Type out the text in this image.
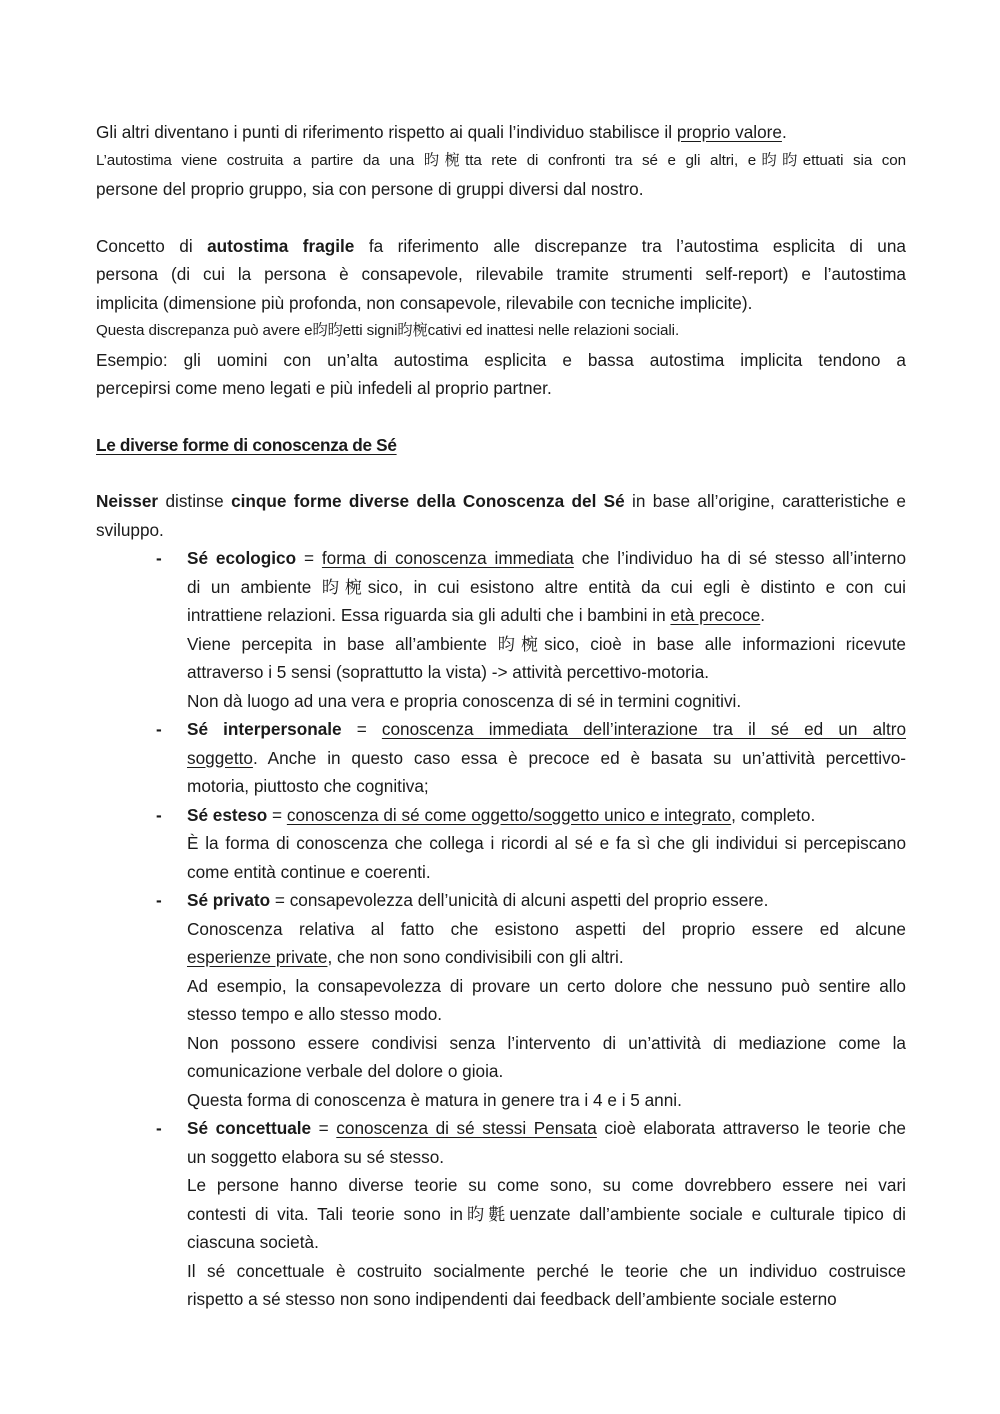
Gli altri diventano i punti di riferimento rispetto ai quali l’individuo stabilisce il proprio valore.
L’autostima viene costruita a partire da una 昀椀tta rete di confronti tra sé e gli altri, e昀昀ettuati sia con
persone del proprio gruppo, sia con persone di gruppi diversi dal nostro.
Concetto di autostima fragile fa riferimento alle discrepanze tra l’autostima esplicita di una
persona (di cui la persona è consapevole, rilevabile tramite strumenti self-report) e l’autostima
implicita (dimensione più profonda, non consapevole, rilevabile con tecniche implicite).
Questa discrepanza può avere e昀昀etti signi昀椀cativi ed inattesi nelle relazioni sociali.
Esempio: gli uomini con un’alta autostima esplicita e bassa autostima implicita tendono a
percepirsi come meno legati e più infedeli al proprio partner.
Le diverse forme di conoscenza de Sé
Neisser distinse cinque forme diverse della Conoscenza del Sé in base all’origine, caratteristiche e
sviluppo.
-	Sé ecologico = forma di conoscenza immediata che l’individuo ha di sé stesso all’interno
di un ambiente 昀椀sico, in cui esistono altre entità da cui egli è distinto e con cui
intrattiene relazioni. Essa riguarda sia gli adulti che i bambini in età precoce.
Viene percepita in base all’ambiente 昀椀sico, cioè in base alle informazioni ricevute
attraverso i 5 sensi (soprattutto la vista) -> attività percettivo-motoria.
Non dà luogo ad una vera e propria conoscenza di sé in termini cognitivi.
-	Sé interpersonale = conoscenza immediata dell’interazione tra il sé ed un altro
soggetto. Anche in questo caso essa è precoce ed è basata su un’attività percettivo-
motoria, piuttosto che cognitiva;
-	Sé esteso = conoscenza di sé come oggetto/soggetto unico e integrato, completo.
È la forma di conoscenza che collega i ricordi al sé e fa sì che gli individui si percepiscano
come entità continue e coerenti.
-	Sé privato = consapevolezza dell’unicità di alcuni aspetti del proprio essere.
Conoscenza relativa al fatto che esistono aspetti del proprio essere ed alcune
esperienze private, che non sono condivisibili con gli altri.
Ad esempio, la consapevolezza di provare un certo dolore che nessuno può sentire allo
stesso tempo e allo stesso modo.
Non possono essere condivisi senza l’intervento di un’attività di mediazione come la
comunicazione verbale del dolore o gioia.
Questa forma di conoscenza è matura in genere tra i 4 e i 5 anni.
-	Sé concettuale = conoscenza di sé stessi Pensata cioè elaborata attraverso le teorie che
un soggetto elabora su sé stesso.
Le persone hanno diverse teorie su come sono, su come dovrebbero essere nei vari
contesti di vita. Tali teorie sono in昀氀uenzate dall’ambiente sociale e culturale tipico di
ciascuna società.
Il sé concettuale è costruito socialmente perché le teorie che un individuo costruisce
rispetto a sé stesso non sono indipendenti dai feedback dell’ambiente sociale esterno
